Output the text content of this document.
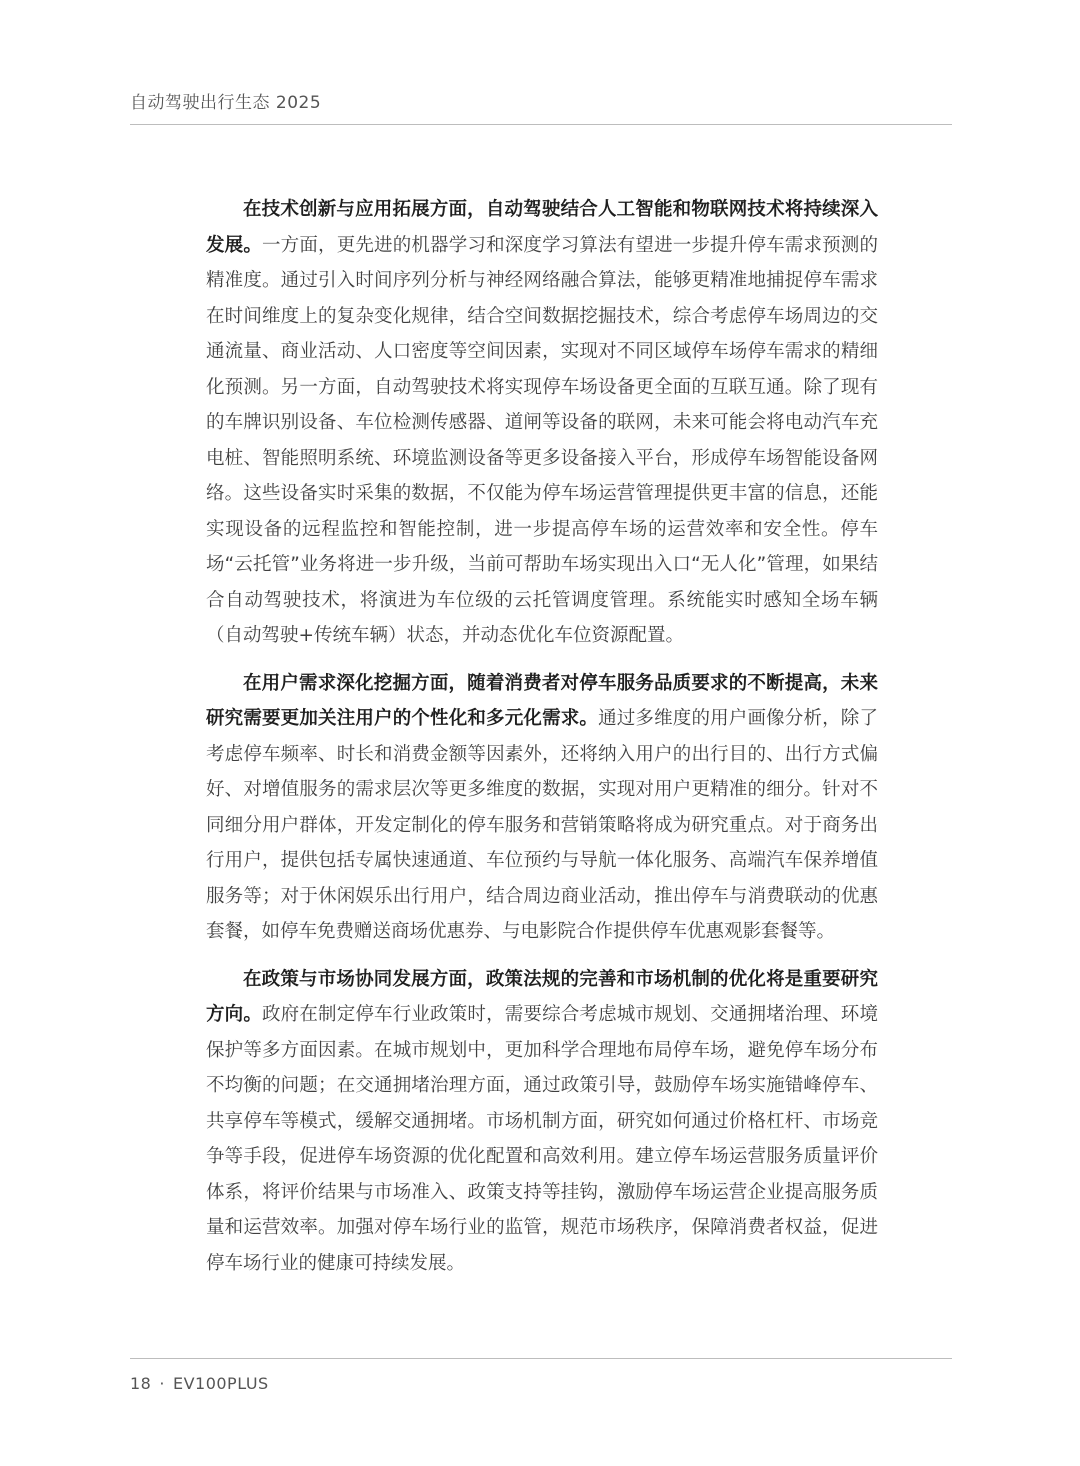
自动驾驶出行生态 2025

在技术创新与应用拓展方面，自动驾驶结合人工智能和物联网技术将持续深入发展。一方面，更先进的机器学习和深度学习算法有望进一步提升停车需求预测的精准度。通过引入时间序列分析与神经网络融合算法，能够更精准地捕捉停车需求在时间维度上的复杂变化规律，结合空间数据挖掘技术，综合考虑停车场周边的交通流量、商业活动、人口密度等空间因素，实现对不同区域停车场停车需求的精细化预测。另一方面，自动驾驶技术将实现停车场设备更全面的互联互通。除了现有的车牌识别设备、车位检测传感器、道闸等设备的联网，未来可能会将电动汽车充电桩、智能照明系统、环境监测设备等更多设备接入平台，形成停车场智能设备网络。这些设备实时采集的数据，不仅能为停车场运营管理提供更丰富的信息，还能实现设备的远程监控和智能控制，进一步提高停车场的运营效率和安全性。停车场“云托管”业务将进一步升级，当前可帮助车场实现出入口“无人化”管理，如果结合自动驾驶技术，将演进为车位级的云托管调度管理。系统能实时感知全场车辆（自动驾驶+传统车辆）状态，并动态优化车位资源配置。

在用户需求深化挖掘方面，随着消费者对停车服务品质要求的不断提高，未来研究需要更加关注用户的个性化和多元化需求。通过多维度的用户画像分析，除了考虑停车频率、时长和消费金额等因素外，还将纳入用户的出行目的、出行方式偏好、对增值服务的需求层次等更多维度的数据，实现对用户更精准的细分。针对不同细分用户群体，开发定制化的停车服务和营销策略将成为研究重点。对于商务出行用户，提供包括专属快速通道、车位预约与导航一体化服务、高端汽车保养增值服务等；对于休闲娱乐出行用户，结合周边商业活动，推出停车与消费联动的优惠套餐，如停车免费赠送商场优惠券、与电影院合作提供停车优惠观影套餐等。

在政策与市场协同发展方面，政策法规的完善和市场机制的优化将是重要研究方向。政府在制定停车行业政策时，需要综合考虑城市规划、交通拥堵治理、环境保护等多方面因素。在城市规划中，更加科学合理地布局停车场，避免停车场分布不均衡的问题；在交通拥堵治理方面，通过政策引导，鼓励停车场实施错峰停车、共享停车等模式，缓解交通拥堵。市场机制方面，研究如何通过价格杠杆、市场竞争等手段，促进停车场资源的优化配置和高效利用。建立停车场运营服务质量评价体系，将评价结果与市场准入、政策支持等挂钩，激励停车场运营企业提高服务质量和运营效率。加强对停车场行业的监管，规范市场秩序，保障消费者权益，促进停车场行业的健康可持续发展。

18 · EV100PLUS
